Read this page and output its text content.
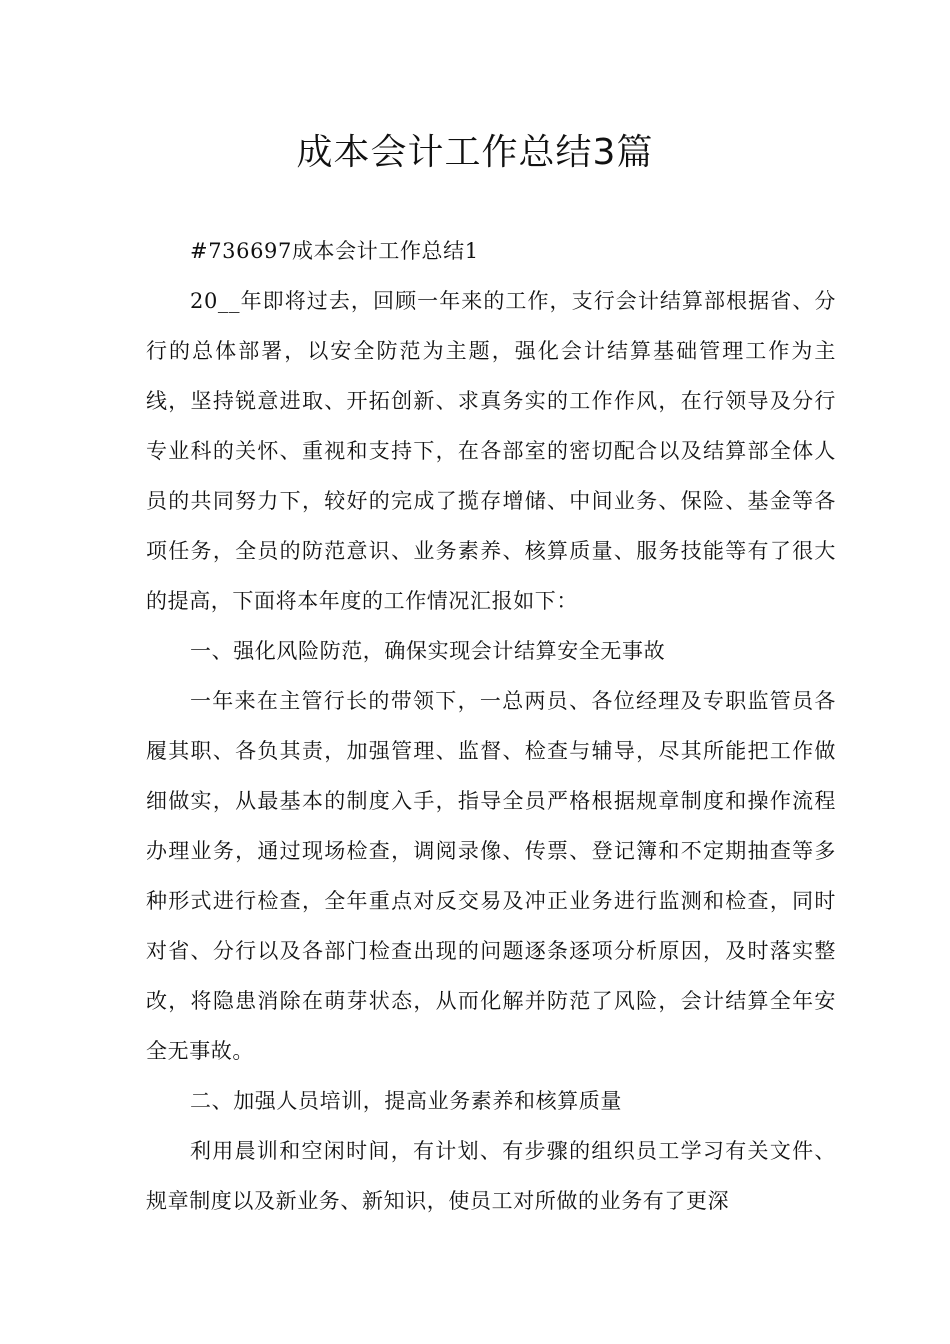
成本会计工作总结3篇

#736697成本会计工作总结1

20__年即将过去，回顾一年来的工作，支行会计结算部根据省、分行的总体部署，以安全防范为主题，强化会计结算基础管理工作为主线，坚持锐意进取、开拓创新、求真务实的工作作风，在行领导及分行专业科的关怀、重视和支持下，在各部室的密切配合以及结算部全体人员的共同努力下，较好的完成了揽存增储、中间业务、保险、基金等各项任务，全员的防范意识、业务素养、核算质量、服务技能等有了很大的提高，下面将本年度的工作情况汇报如下：

一、强化风险防范，确保实现会计结算安全无事故

一年来在主管行长的带领下，一总两员、各位经理及专职监管员各履其职、各负其责，加强管理、监督、检查与辅导，尽其所能把工作做细做实，从最基本的制度入手，指导全员严格根据规章制度和操作流程办理业务，通过现场检查，调阅录像、传票、登记簿和不定期抽查等多种形式进行检查，全年重点对反交易及冲正业务进行监测和检查，同时对省、分行以及各部门检查出现的问题逐条逐项分析原因，及时落实整改，将隐患消除在萌芽状态，从而化解并防范了风险，会计结算全年安全无事故。

二、加强人员培训，提高业务素养和核算质量

利用晨训和空闲时间，有计划、有步骤的组织员工学习有关文件、规章制度以及新业务、新知识，使员工对所做的业务有了更深
